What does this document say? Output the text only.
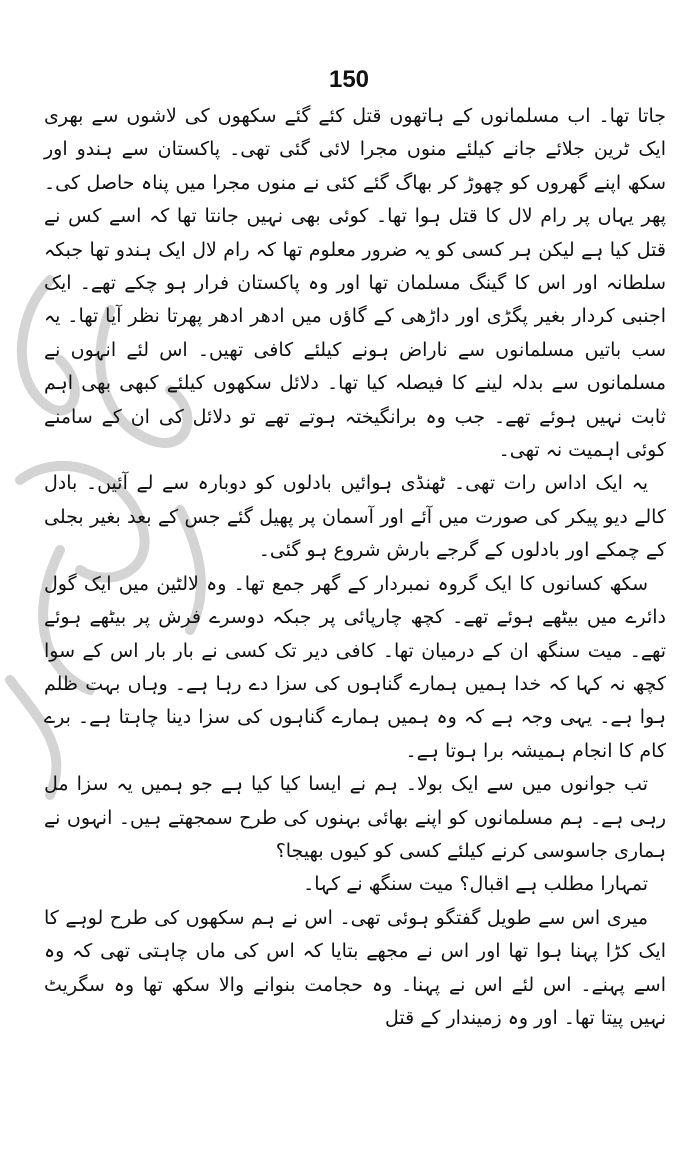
150

جاتا تھا۔ اب مسلمانوں کے ہاتھوں قتل کئے گئے سکھوں کی لاشوں سے بھری ایک ٹرین جلائے جانے کیلئے منوں مجرا لائی گئی تھی۔ پاکستان سے ہندو اور سکھ اپنے گھروں کو چھوڑ کر بھاگ گئے کئی نے منوں مجرا میں پناہ حاصل کی۔ پھر یہاں پر رام لال کا قتل ہوا تھا۔ کوئی بھی نہیں جانتا تھا کہ اسے کس نے قتل کیا ہے لیکن ہر کسی کو یہ ضرور معلوم تھا کہ رام لال ایک ہندو تھا جبکہ سلطانہ اور اس کا گینگ مسلمان تھا اور وہ پاکستان فرار ہو چکے تھے۔ ایک اجنبی کردار بغیر پگڑی اور داڑھی کے گاؤں میں ادھر ادھر پھرتا نظر آیا تھا۔ یہ سب باتیں مسلمانوں سے ناراض ہونے کیلئے کافی تھیں۔ اس لئے انہوں نے مسلمانوں سے بدلہ لینے کا فیصلہ کیا تھا۔ دلائل سکھوں کیلئے کبھی بھی اہم ثابت نہیں ہوئے تھے۔ جب وہ برانگیختہ ہوتے تھے تو دلائل کی ان کے سامنے کوئی اہمیت نہ تھی۔

یہ ایک اداس رات تھی۔ ٹھنڈی ہوائیں بادلوں کو دوبارہ سے لے آئیں۔ بادل کالے دیو پیکر کی صورت میں آئے اور آسمان پر پھیل گئے جس کے بعد بغیر بجلی کے چمکے اور بادلوں کے گرجے بارش شروع ہو گئی۔

سکھ کسانوں کا ایک گروہ نمبردار کے گھر جمع تھا۔ وہ لالٹین میں ایک گول دائرے میں بیٹھے ہوئے تھے۔ کچھ چارپائی پر جبکہ دوسرے فرش پر بیٹھے ہوئے تھے۔ میت سنگھ ان کے درمیان تھا۔ کافی دیر تک کسی نے بار بار اس کے سوا کچھ نہ کہا کہ خدا ہمیں ہمارے گناہوں کی سزا دے رہا ہے۔ وہاں بہت ظلم ہوا ہے۔ یہی وجہ ہے کہ وہ ہمیں ہمارے گناہوں کی سزا دینا چاہتا ہے۔ برے کام کا انجام ہمیشہ برا ہوتا ہے۔

تب جوانوں میں سے ایک بولا۔ ہم نے ایسا کیا کیا ہے جو ہمیں یہ سزا مل رہی ہے۔ ہم مسلمانوں کو اپنے بھائی بہنوں کی طرح سمجھتے ہیں۔ انہوں نے ہماری جاسوسی کرنے کیلئے کسی کو کیوں بھیجا؟

تمہارا مطلب ہے اقبال؟ میت سنگھ نے کہا۔

میری اس سے طویل گفتگو ہوئی تھی۔ اس نے ہم سکھوں کی طرح لوہے کا ایک کڑا پہنا ہوا تھا اور اس نے مجھے بتایا کہ اس کی ماں چاہتی تھی کہ وہ اسے پہنے۔ اس لئے اس نے پہنا۔ وہ حجامت بنوانے والا سکھ تھا وہ سگریٹ نہیں پیتا تھا۔ اور وہ زمیندار کے قتل
